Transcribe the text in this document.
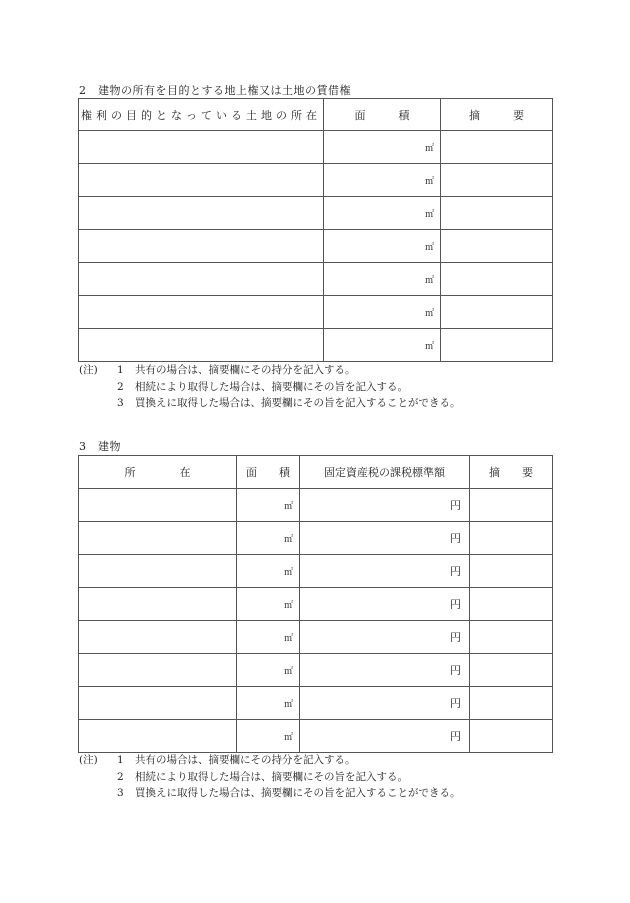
2　建物の所有を目的とする地上権又は土地の賃借権
権利の目的となっている土地の所在	面　　　積	摘　　　要
	㎡	
	㎡	
	㎡	
	㎡	
	㎡	
	㎡	
	㎡	
(注) 1 共有の場合は、摘要欄にその持分を記入する。
2 相続により取得した場合は、摘要欄にその旨を記入する。
3 買換えに取得した場合は、摘要欄にその旨を記入することができる。
3　建物
所　　　　在	面　　積	固定資産税の課税標準額	摘　　要
	㎡	円	
	㎡	円	
	㎡	円	
	㎡	円	
	㎡	円	
	㎡	円	
	㎡	円	
	㎡	円	
(注) 1 共有の場合は、摘要欄にその持分を記入する。
2 相続により取得した場合は、摘要欄にその旨を記入する。
3 買換えに取得した場合は、摘要欄にその旨を記入することができる。
